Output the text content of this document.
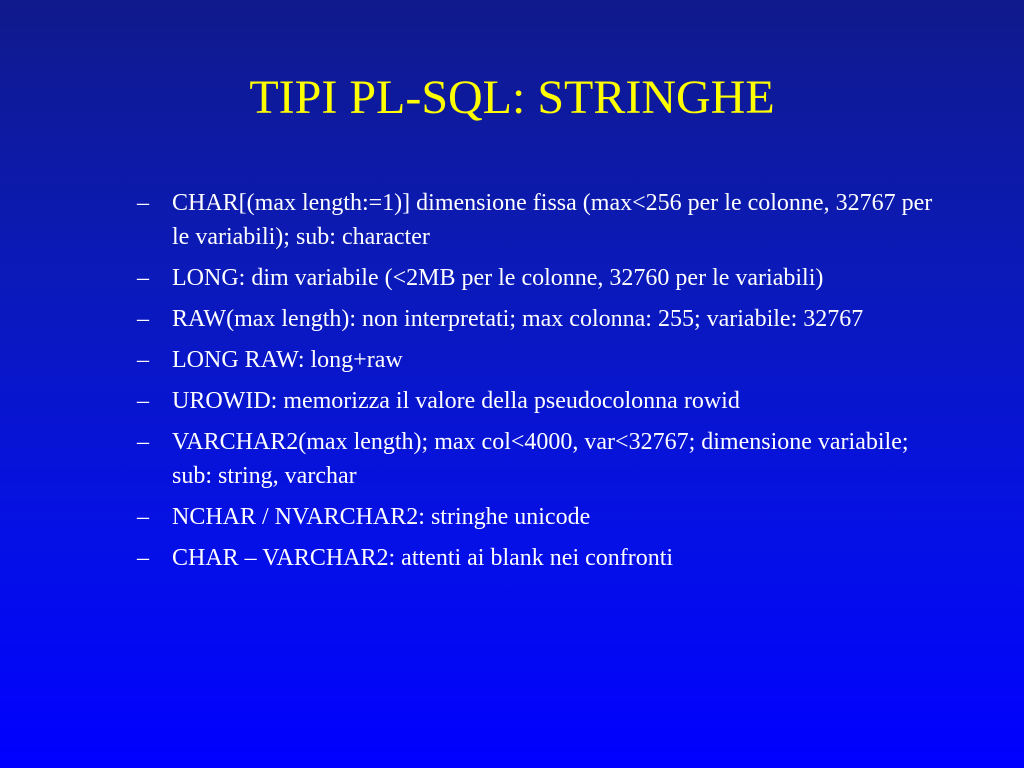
TIPI PL-SQL: STRINGHE
– CHAR[(max length:=1)] dimensione fissa (max<256 per le colonne, 32767 per le variabili); sub: character
– LONG: dim variabile (<2MB per le colonne, 32760 per le variabili)
– RAW(max length): non interpretati; max colonna: 255; variabile: 32767
– LONG RAW: long+raw
– UROWID: memorizza il valore della pseudocolonna rowid
– VARCHAR2(max length); max col<4000, var<32767; dimensione variabile; sub: string, varchar
– NCHAR / NVARCHAR2: stringhe unicode
– CHAR – VARCHAR2: attenti ai blank nei confronti
